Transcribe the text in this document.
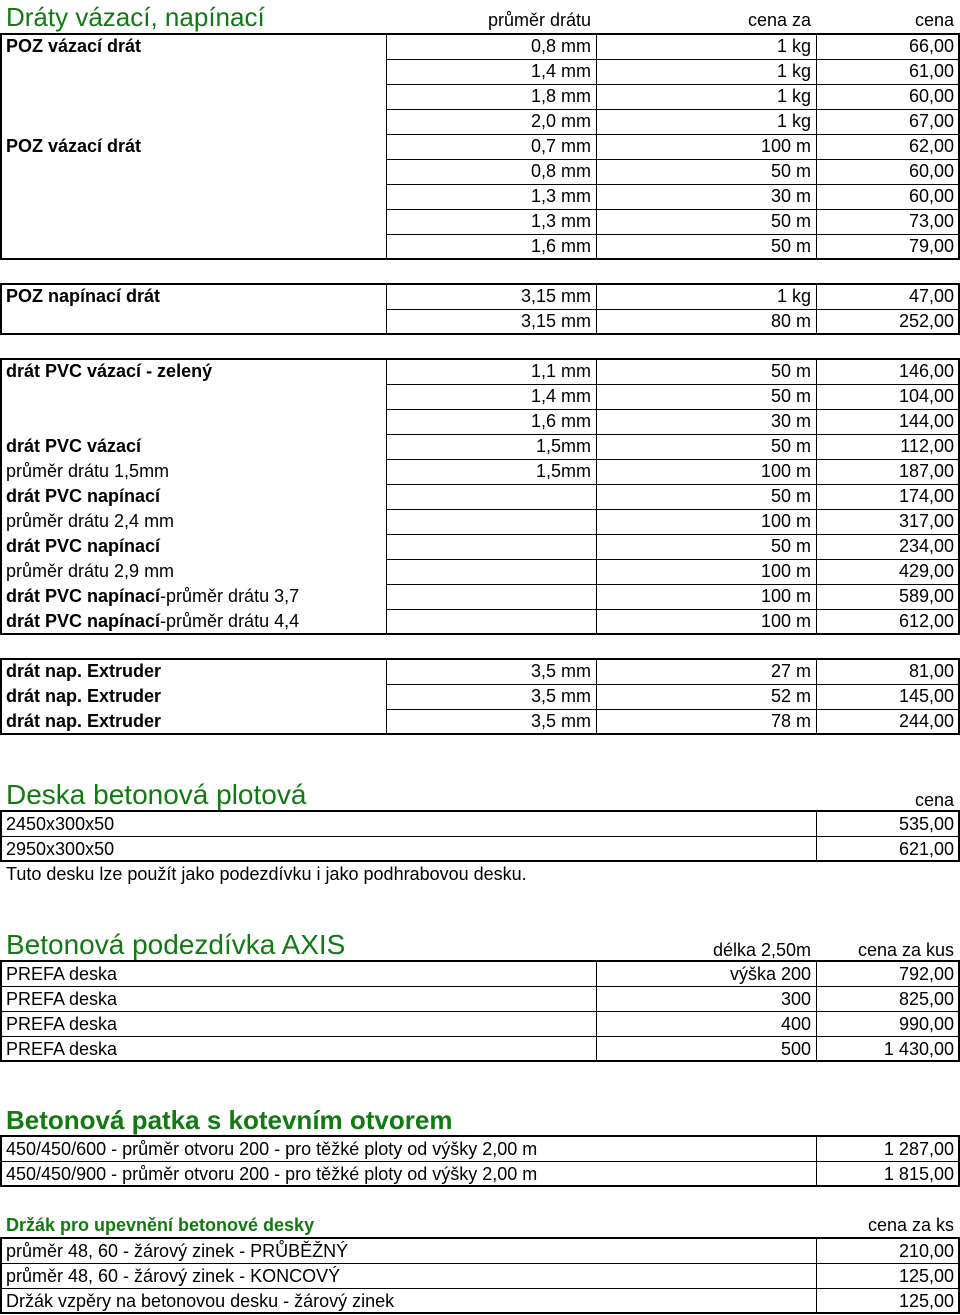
Dráty vázací, napínací	průměr drátu	cena za	cena
POZ vázací drát	0,8 mm	1 kg	66,00
1,4 mm	1 kg	61,00
1,8 mm	1 kg	60,00
2,0 mm	1 kg	67,00
POZ vázací drát	0,7 mm	100 m	62,00
0,8 mm	50 m	60,00
1,3 mm	30 m	60,00
1,3 mm	50 m	73,00
1,6 mm	50 m	79,00
POZ napínací drát	3,15 mm	1 kg	47,00
3,15 mm	80 m	252,00
drát PVC vázací - zelený	1,1 mm	50 m	146,00
1,4 mm	50 m	104,00
1,6 mm	30 m	144,00
drát PVC vázací	1,5mm	50 m	112,00
průměr drátu 1,5mm	1,5mm	100 m	187,00
drát PVC napínací	50 m	174,00
průměr drátu 2,4 mm	100 m	317,00
drát PVC napínací	50 m	234,00
průměr drátu 2,9 mm	100 m	429,00
drát PVC napínací-průměr drátu 3,7	100 m	589,00
drát PVC napínací-průměr drátu 4,4	100 m	612,00
drát nap. Extruder	3,5 mm	27 m	81,00
drát nap. Extruder	3,5 mm	52 m	145,00
drát nap. Extruder	3,5 mm	78 m	244,00
Deska betonová plotová	cena
2450x300x50	535,00
2950x300x50	621,00
Tuto desku lze použít jako podezdívku i jako podhrabovou desku.
Betonová podezdívka AXIS	délka 2,50m	cena za kus
PREFA deska	výška 200	792,00
PREFA deska	300	825,00
PREFA deska	400	990,00
PREFA deska	500	1 430,00
Betonová patka s kotevním otvorem
450/450/600 - průměr otvoru 200 - pro těžké ploty od výšky 2,00 m	1 287,00
450/450/900 - průměr otvoru 200 - pro těžké ploty od výšky 2,00 m	1 815,00
Držák pro upevnění betonové desky	cena za ks
průměr 48, 60 - žárový zinek - PRŮBĚŽNÝ	210,00
průměr 48, 60 - žárový zinek - KONCOVÝ	125,00
Držák vzpěry na betonovou desku - žárový zinek	125,00
